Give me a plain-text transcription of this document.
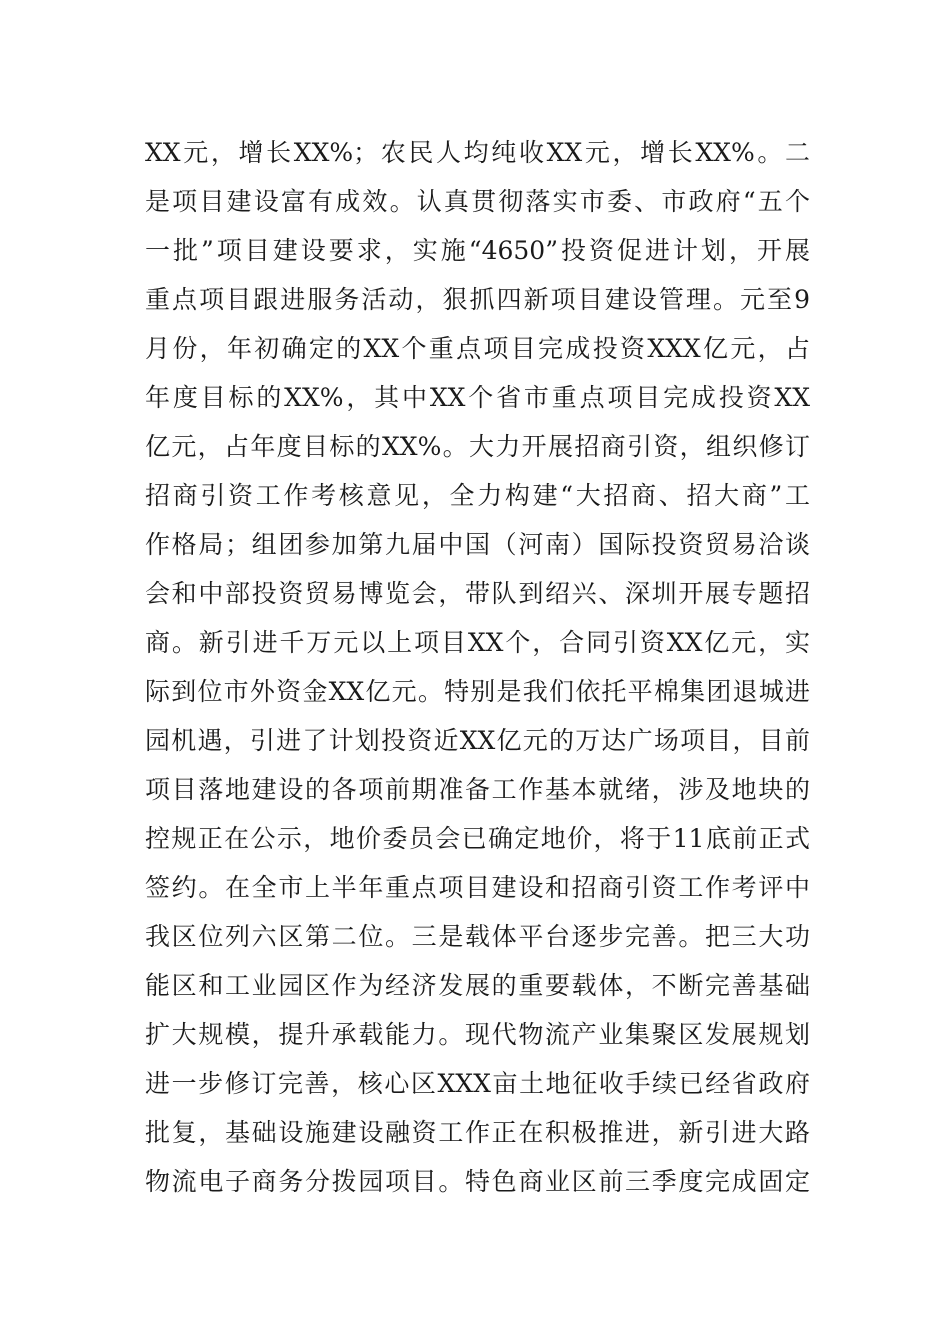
XX元，增长XX%；农民人均纯收XX元，增长XX%。二
是项目建设富有成效。认真贯彻落实市委、市政府“五个
一批”项目建设要求，实施“4650”投资促进计划，开展
重点项目跟进服务活动，狠抓四新项目建设管理。元至9
月份，年初确定的XX个重点项目完成投资XXX亿元，占
年度目标的XX%，其中XX个省市重点项目完成投资XX
亿元，占年度目标的XX%。大力开展招商引资，组织修订
招商引资工作考核意见，全力构建“大招商、招大商”工
作格局；组团参加第九届中国（河南）国际投资贸易洽谈
会和中部投资贸易博览会，带队到绍兴、深圳开展专题招
商。新引进千万元以上项目XX个，合同引资XX亿元，实
际到位市外资金XX亿元。特别是我们依托平棉集团退城进
园机遇，引进了计划投资近XX亿元的万达广场项目，目前
项目落地建设的各项前期准备工作基本就绪，涉及地块的
控规正在公示，地价委员会已确定地价，将于11底前正式
签约。在全市上半年重点项目建设和招商引资工作考评中
我区位列六区第二位。三是载体平台逐步完善。把三大功
能区和工业园区作为经济发展的重要载体，不断完善基础
扩大规模，提升承载能力。现代物流产业集聚区发展规划
进一步修订完善，核心区XXX亩土地征收手续已经省政府
批复，基础设施建设融资工作正在积极推进，新引进大路
物流电子商务分拨园项目。特色商业区前三季度完成固定
